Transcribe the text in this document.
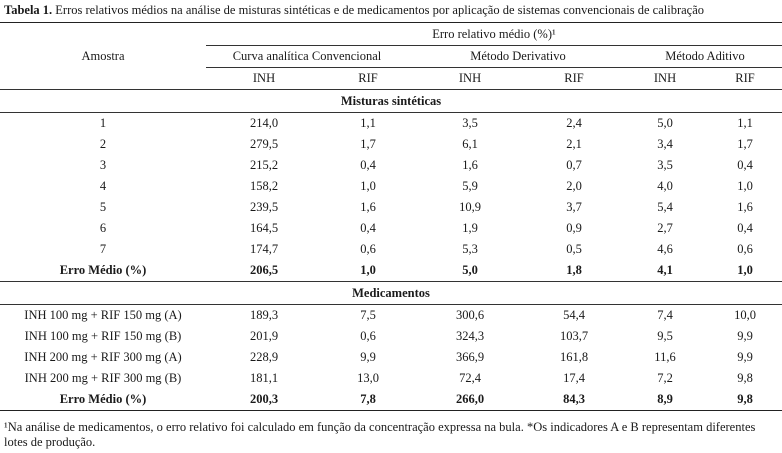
Tabela 1. Erros relativos médios na análise de misturas sintéticas e de medicamentos por aplicação de sistemas convencionais de calibração
Amostra	Erro relativo médio (%)¹					
	Curva analítica Convencional		Método Derivativo		Método Aditivo	
	INH	RIF	INH	RIF	INH	RIF
Misturas sintéticas						
1	214,0	1,1	3,5	2,4	5,0	1,1
2	279,5	1,7	6,1	2,1	3,4	1,7
3	215,2	0,4	1,6	0,7	3,5	0,4
4	158,2	1,0	5,9	2,0	4,0	1,0
5	239,5	1,6	10,9	3,7	5,4	1,6
6	164,5	0,4	1,9	0,9	2,7	0,4
7	174,7	0,6	5,3	0,5	4,6	0,6
Erro Médio (%)	206,5	1,0	5,0	1,8	4,1	1,0
Medicamentos						
INH 100 mg + RIF 150 mg (A)	189,3	7,5	300,6	54,4	7,4	10,0
INH 100 mg + RIF 150 mg (B)	201,9	0,6	324,3	103,7	9,5	9,9
INH 200 mg + RIF 300 mg (A)	228,9	9,9	366,9	161,8	11,6	9,9
INH 200 mg + RIF 300 mg (B)	181,1	13,0	72,4	17,4	7,2	9,8
Erro Médio (%)	200,3	7,8	266,0	84,3	8,9	9,8
¹Na análise de medicamentos, o erro relativo foi calculado em função da concentração expressa na bula. *Os indicadores A e B representam diferentes lotes de produção.
